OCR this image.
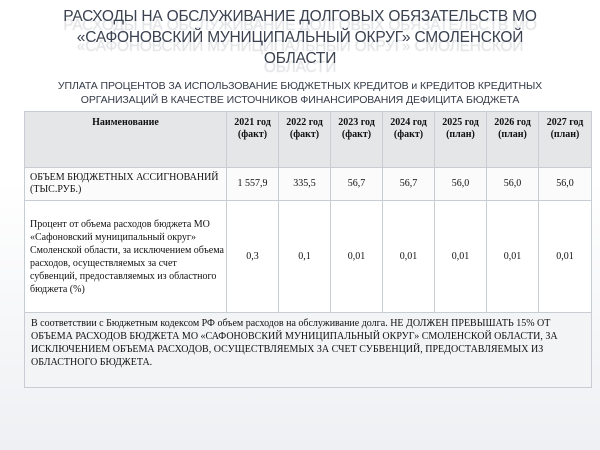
РАСХОДЫ НА ОБСЛУЖИВАНИЕ ДОЛГОВЫХ ОБЯЗАТЕЛЬСТВ МО
«САФОНОВСКИЙ МУНИЦИПАЛЬНЫЙ ОКРУГ» СМОЛЕНСКОЙ ОБЛАСТИ
УПЛАТА ПРОЦЕНТОВ ЗА ИСПОЛЬЗОВАНИЕ БЮДЖЕТНЫХ КРЕДИТОВ и КРЕДИТОВ КРЕДИТНЫХ
ОРГАНИЗАЦИЙ В КАЧЕСТВЕ ИСТОЧНИКОВ ФИНАНСИРОВАНИЯ ДЕФИЦИТА БЮДЖЕТА
Наименование	2021 год (факт)	2022 год (факт)	2023 год (факт)	2024 год (факт)	2025 год (план)	2026 год (план)	2027 год (план)
ОБЪЕМ БЮДЖЕТНЫХ АССИГНОВАНИЙ (ТЫС.РУБ.)	1 557,9	335,5	56,7	56,7	56,0	56,0	56,0
Процент от объема расходов бюджета МО «Сафоновский муниципальный округ» Смоленской области, за исключением объема расходов, осуществляемых за счет субвенций, предоставляемых из областного бюджета (%)	0,3	0,1	0,01	0,01	0,01	0,01	0,01
В соответствии с Бюджетным кодексом РФ объем расходов на обслуживание долга. НЕ ДОЛЖЕН ПРЕВЫШАТЬ 15% ОТ ОБЪЕМА РАСХОДОВ БЮДЖЕТА МО «САФОНОВСКИЙ МУНИЦИПАЛЬНЫЙ ОКРУГ» СМОЛЕНСКОЙ ОБЛАСТИ, ЗА ИСКЛЮЧЕНИЕМ ОБЪЕМА РАСХОДОВ, ОСУЩЕСТВЛЯЕМЫХ ЗА СЧЕТ СУБВЕНЦИЙ, ПРЕДОСТАВЛЯЕМЫХ ИЗ ОБЛАСТНОГО БЮДЖЕТА.							
